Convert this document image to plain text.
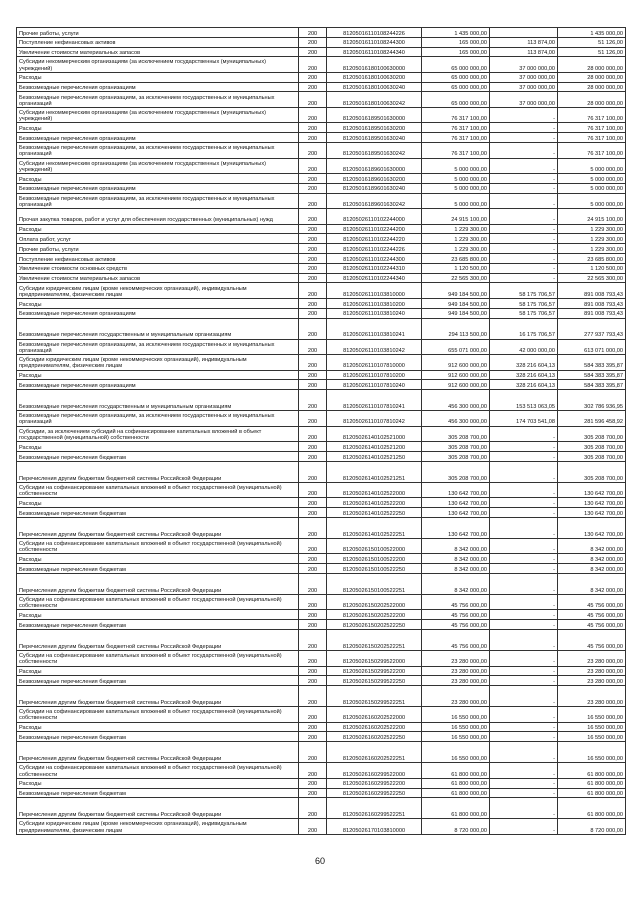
Прочие работы, услуги	200	81205016110108244226	1 435 000,00		1 435 000,00
Поступление нефинансовых активов	200	81205016110108244300	165 000,00	113 874,00	51 126,00
Увеличение стоимости материальных запасов	200	81205016110108244340	165 000,00	113 874,00	51 126,00
Субсидии некоммерческим организациям (за исключением государственных (муниципальных) учреждений)	200	81205016180100630000	65 000 000,00	37 000 000,00	28 000 000,00
Расходы	200	81205016180100630200	65 000 000,00	37 000 000,00	28 000 000,00
Безвозмездные перечисления организациям	200	81205016180100630240	65 000 000,00	37 000 000,00	28 000 000,00
Безвозмездные перечисления организациям, за исключением государственных и муниципальных организаций	200	81205016180100630242	65 000 000,00	37 000 000,00	28 000 000,00
Субсидии некоммерческим организациям (за исключением государственных (муниципальных) учреждений)	200	81205016189501630000	76 317 100,00	-	76 317 100,00
Расходы	200	81205016189501630200	76 317 100,00	-	76 317 100,00
Безвозмездные перечисления организациям	200	81205016189501630240	76 317 100,00	-	76 317 100,00
Безвозмездные перечисления организациям, за исключением государственных и муниципальных организаций	200	81205016189501630242	76 317 100,00	-	76 317 100,00
Субсидии некоммерческим организациям (за исключением государственных (муниципальных) учреждений)	200	81205016189601630000	5 000 000,00	-	5 000 000,00
Расходы	200	81205016189601630200	5 000 000,00	-	5 000 000,00
Безвозмездные перечисления организациям	200	81205016189601630240	5 000 000,00	-	5 000 000,00
Безвозмездные перечисления организациям, за исключением государственных и муниципальных организаций	200	81205016189601630242	5 000 000,00	-	5 000 000,00
Прочая закупка товаров, работ и услуг для обеспечения государственных (муниципальных) нужд	200	81205026110102244000	24 915 100,00	-	24 915 100,00
Расходы	200	81205026110102244200	1 229 300,00	-	1 229 300,00
Оплата работ, услуг	200	81205026110102244220	1 229 300,00	-	1 229 300,00
Прочие работы, услуги	200	81205026110102244226	1 229 300,00	-	1 229 300,00
Поступление нефинансовых активов	200	81205026110102244300	23 685 800,00	-	23 685 800,00
Увеличение стоимости основных средств	200	81205026110102244310	1 120 500,00	-	1 120 500,00
Увеличение стоимости материальных запасов	200	81205026110102244340	22 565 300,00	-	22 565 300,00
Субсидии юридическим лицам (кроме некоммерческих организаций), индивидуальным предпринимателям, физическим лицам	200	81205026110103810000	949 184 500,00	58 175 706,57	891 008 793,43
Расходы	200	81205026110103810200	949 184 500,00	58 175 706,57	891 008 793,43
Безвозмездные перечисления организациям	200	81205026110103810240	949 184 500,00	58 175 706,57	891 008 793,43
Безвозмездные перечисления государственным и муниципальным организациям	200	81205026110103810241	294 113 500,00	16 175 706,57	277 937 793,43
Безвозмездные перечисления организациям, за исключением государственных и муниципальных организаций	200	81205026110103810242	655 071 000,00	42 000 000,00	613 071 000,00
Субсидии юридическим лицам (кроме некоммерческих организаций), индивидуальным предпринимателям, физическим лицам	200	81205026110107810000	912 600 000,00	328 216 604,13	584 383 395,87
Расходы	200	81205026110107810200	912 600 000,00	328 216 604,13	584 383 395,87
Безвозмездные перечисления организациям	200	81205026110107810240	912 600 000,00	328 216 604,13	584 383 395,87
Безвозмездные перечисления государственным и муниципальным организациям	200	81205026110107810241	456 300 000,00	153 513 063,05	302 786 936,95
Безвозмездные перечисления организациям, за исключением государственных и муниципальных организаций	200	81205026110107810242	456 300 000,00	174 703 541,08	281 596 458,92
Субсидии, за исключением субсидий на софинансирование капитальных вложений в объект государственной (муниципальной) собственности	200	81205026140102521000	305 208 700,00	-	305 208 700,00
Расходы	200	81205026140102521200	305 208 700,00	-	305 208 700,00
Безвозмездные перечисления бюджетам	200	81205026140102521250	305 208 700,00	-	305 208 700,00
Перечисления другим бюджетам бюджетной системы Российской Федерации	200	81205026140102521251	305 208 700,00	-	305 208 700,00
Субсидии на софинансирование капитальных вложений в объект государственной (муниципальной) собственности	200	81205026140102522000	130 642 700,00	-	130 642 700,00
Расходы	200	81205026140102522200	130 642 700,00	-	130 642 700,00
Безвозмездные перечисления бюджетам	200	81205026140102522250	130 642 700,00	-	130 642 700,00
Перечисления другим бюджетам бюджетной системы Российской Федерации	200	81205026140102522251	130 642 700,00	-	130 642 700,00
Субсидии на софинансирование капитальных вложений в объект государственной (муниципальной) собственности	200	81205026150100522000	8 342 000,00	-	8 342 000,00
Расходы	200	81205026150100522200	8 342 000,00	-	8 342 000,00
Безвозмездные перечисления бюджетам	200	81205026150100522250	8 342 000,00	-	8 342 000,00
Перечисления другим бюджетам бюджетной системы Российской Федерации	200	81205026150100522251	8 342 000,00	-	8 342 000,00
Субсидии на софинансирование капитальных вложений в объект государственной (муниципальной) собственности	200	81205026150202522000	45 756 000,00	-	45 756 000,00
Расходы	200	81205026150202522200	45 756 000,00	-	45 756 000,00
Безвозмездные перечисления бюджетам	200	81205026150202522250	45 756 000,00	-	45 756 000,00
Перечисления другим бюджетам бюджетной системы Российской Федерации	200	81205026150202522251	45 756 000,00	-	45 756 000,00
Субсидии на софинансирование капитальных вложений в объект государственной (муниципальной) собственности	200	81205026150299522000	23 280 000,00	-	23 280 000,00
Расходы	200	81205026150299522200	23 280 000,00	-	23 280 000,00
Безвозмездные перечисления бюджетам	200	81205026150299522250	23 280 000,00	-	23 280 000,00
Перечисления другим бюджетам бюджетной системы Российской Федерации	200	81205026150299522251	23 280 000,00	-	23 280 000,00
Субсидии на софинансирование капитальных вложений в объект государственной (муниципальной) собственности	200	81205026160202522000	16 550 000,00	-	16 550 000,00
Расходы	200	81205026160202522200	16 550 000,00	-	16 550 000,00
Безвозмездные перечисления бюджетам	200	81205026160202522250	16 550 000,00	-	16 550 000,00
Перечисления другим бюджетам бюджетной системы Российской Федерации	200	81205026160202522251	16 550 000,00	-	16 550 000,00
Субсидии на софинансирование капитальных вложений в объект государственной (муниципальной) собственности	200	81205026160299522000	61 800 000,00	-	61 800 000,00
Расходы	200	81205026160299522200	61 800 000,00	-	61 800 000,00
Безвозмездные перечисления бюджетам	200	81205026160299522250	61 800 000,00	-	61 800 000,00
Перечисления другим бюджетам бюджетной системы Российской Федерации	200	81205026160299522251	61 800 000,00	-	61 800 000,00
Субсидии юридическим лицам (кроме некоммерческих организаций), индивидуальным предпринимателям, физическим лицам	200	81205026170103810000	8 720 000,00	-	8 720 000,00
60
